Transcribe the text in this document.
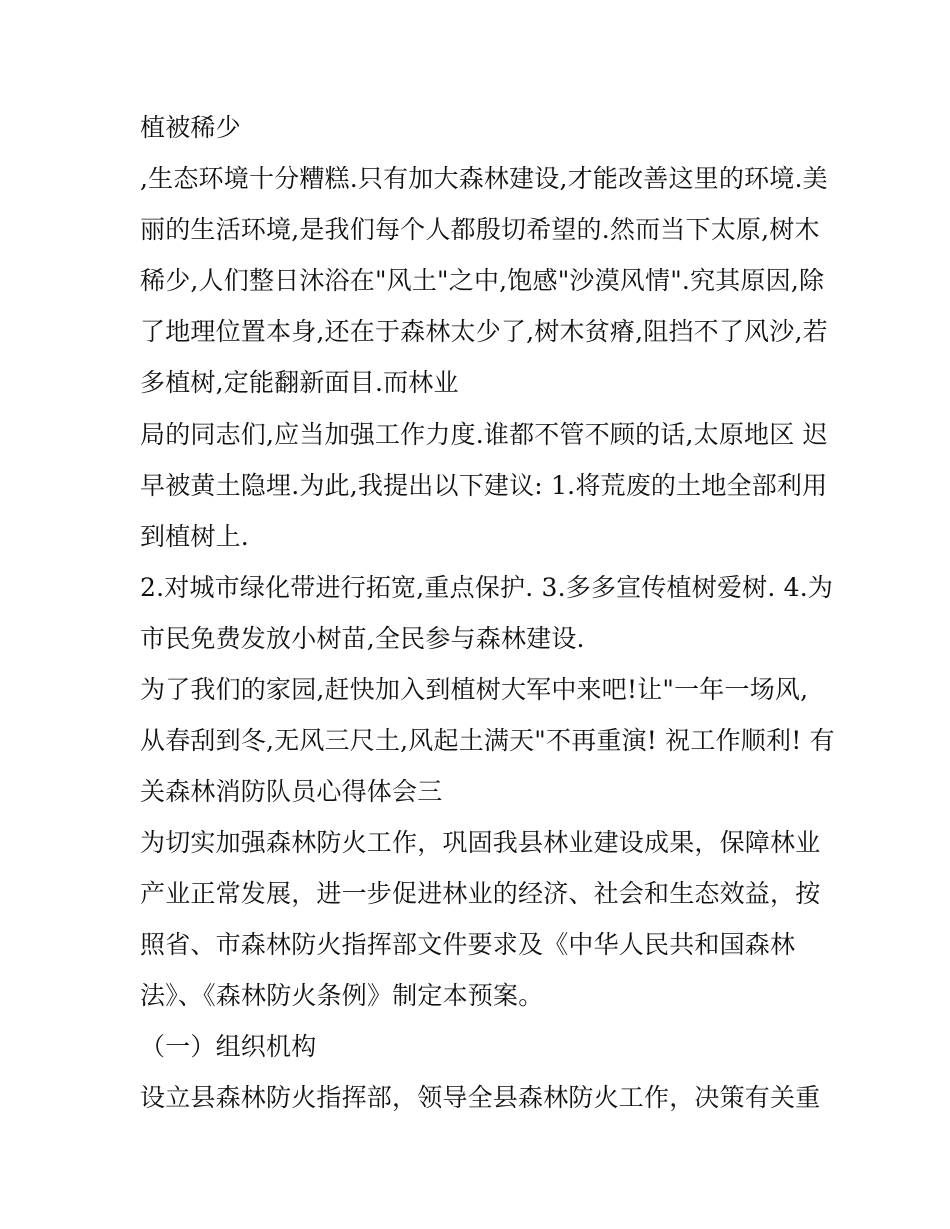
植被稀少
,生态环境十分糟糕.只有加大森林建设,才能改善这里的环境.美
丽的生活环境,是我们每个人都殷切希望的.然而当下太原,树木
稀少,人们整日沐浴在"风土"之中,饱感"沙漠风情".究其原因,除
了地理位置本身,还在于森林太少了,树木贫瘠,阻挡不了风沙,若
多植树,定能翻新面目.而林业
局的同志们,应当加强工作力度.谁都不管不顾的话,太原地区 迟
早被黄土隐埋.为此,我提出以下建议: 1.将荒废的土地全部利用
到植树上.
2.对城市绿化带进行拓宽,重点保护. 3.多多宣传植树爱树. 4.为
市民免费发放小树苗,全民参与森林建设.
为了我们的家园,赶快加入到植树大军中来吧!让"一年一场风,
从春刮到冬,无风三尺土,风起土满天"不再重演! 祝工作顺利! 有
关森林消防队员心得体会三
为切实加强森林防火工作，巩固我县林业建设成果，保障林业
产业正常发展，进一步促进林业的经济、社会和生态效益，按
照省、市森林防火指挥部文件要求及《中华人民共和国森林
法》、《森林防火条例》制定本预案。
（一）组织机构
设立县森林防火指挥部，领导全县森林防火工作，决策有关重
